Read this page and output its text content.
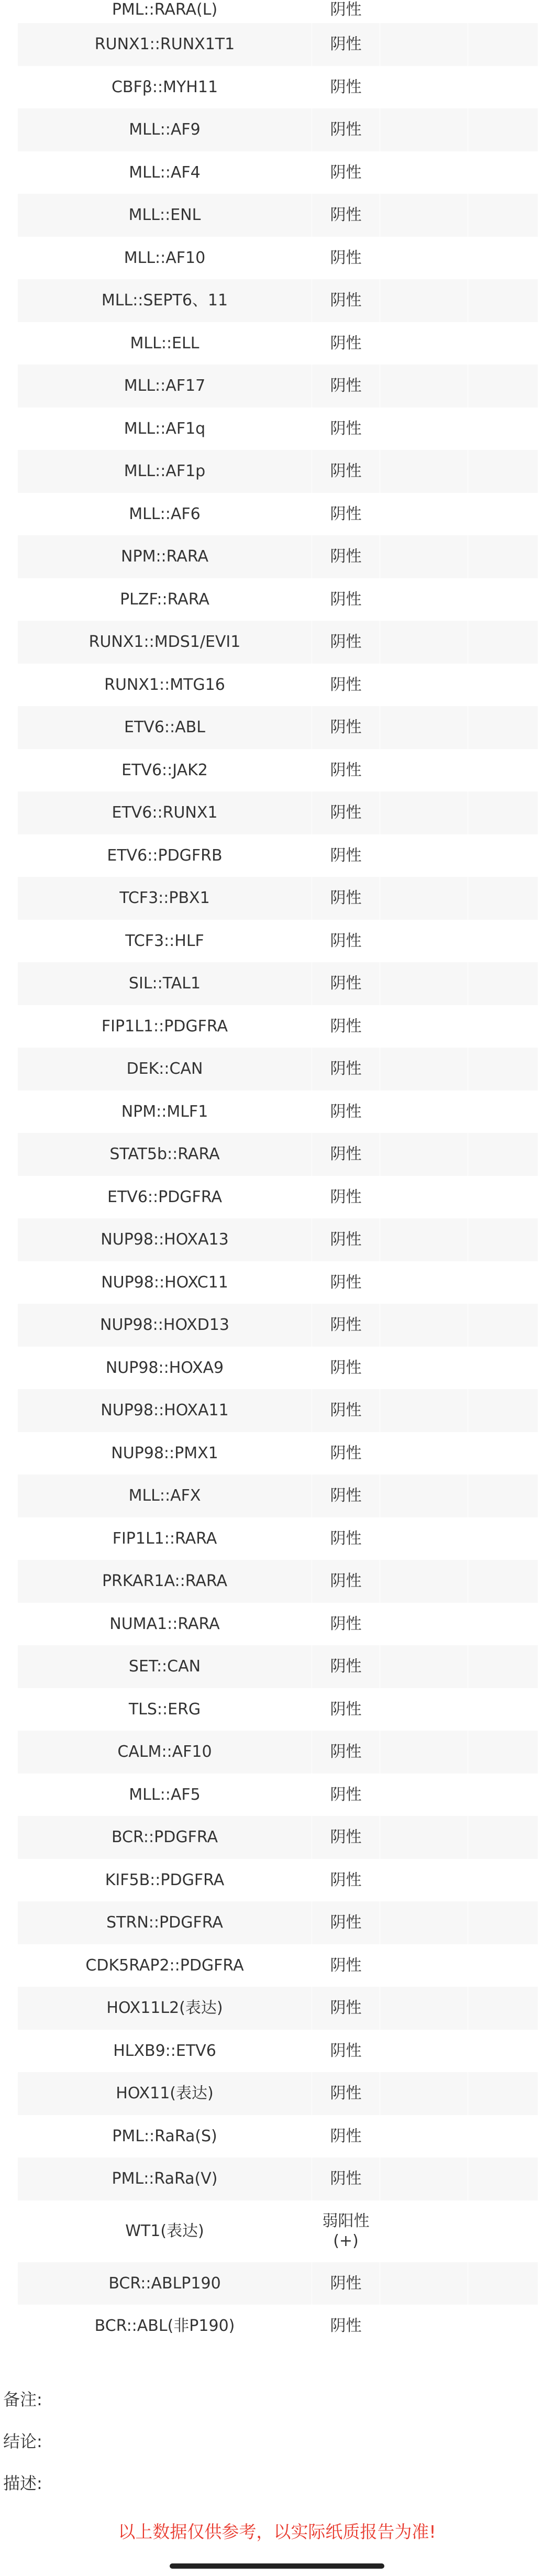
PML::RARA(L)	阴性		
RUNX1::RUNX1T1	阴性		
CBFβ::MYH11	阴性		
MLL::AF9	阴性		
MLL::AF4	阴性		
MLL::ENL	阴性		
MLL::AF10	阴性		
MLL::SEPT6、11	阴性		
MLL::ELL	阴性		
MLL::AF17	阴性		
MLL::AF1q	阴性		
MLL::AF1p	阴性		
MLL::AF6	阴性		
NPM::RARA	阴性		
PLZF::RARA	阴性		
RUNX1::MDS1/EVI1	阴性		
RUNX1::MTG16	阴性		
ETV6::ABL	阴性		
ETV6::JAK2	阴性		
ETV6::RUNX1	阴性		
ETV6::PDGFRB	阴性		
TCF3::PBX1	阴性		
TCF3::HLF	阴性		
SIL::TAL1	阴性		
FIP1L1::PDGFRA	阴性		
DEK::CAN	阴性		
NPM::MLF1	阴性		
STAT5b::RARA	阴性		
ETV6::PDGFRA	阴性		
NUP98::HOXA13	阴性		
NUP98::HOXC11	阴性		
NUP98::HOXD13	阴性		
NUP98::HOXA9	阴性		
NUP98::HOXA11	阴性		
NUP98::PMX1	阴性		
MLL::AFX	阴性		
FIP1L1::RARA	阴性		
PRKAR1A::RARA	阴性		
NUMA1::RARA	阴性		
SET::CAN	阴性		
TLS::ERG	阴性		
CALM::AF10	阴性		
MLL::AF5	阴性		
BCR::PDGFRA	阴性		
KIF5B::PDGFRA	阴性		
STRN::PDGFRA	阴性		
CDK5RAP2::PDGFRA	阴性		
HOX11L2(表达)	阴性		
HLXB9::ETV6	阴性		
HOX11(表达)	阴性		
PML::RaRa(S)	阴性		
PML::RaRa(V)	阴性		
WT1(表达)	弱阳性
(+)		
BCR::ABLP190	阴性		
BCR::ABL(非P190)	阴性		
备注:
结论:
描述:
以上数据仅供参考，以实际纸质报告为准!
